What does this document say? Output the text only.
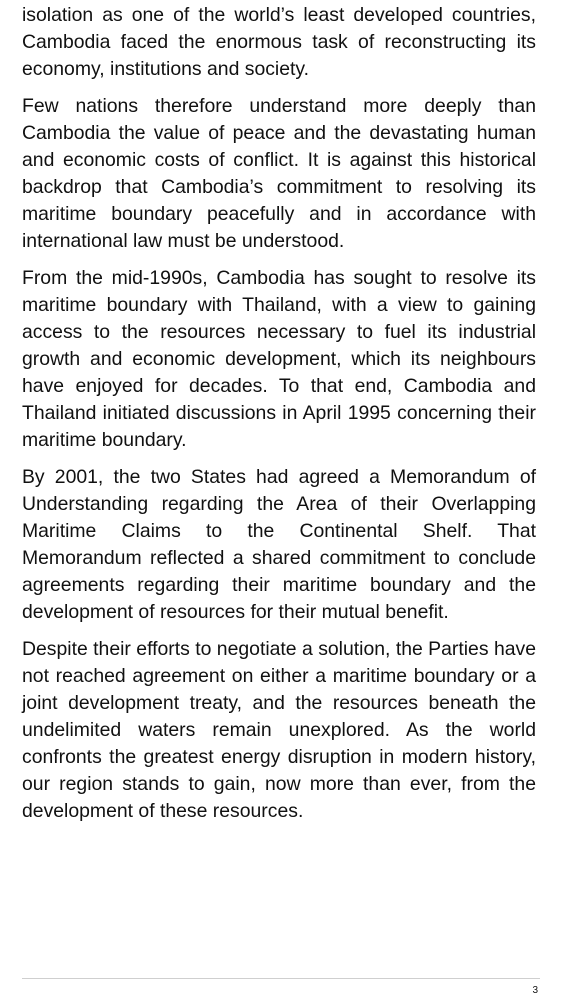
isolation as one of the world’s least developed countries, Cambodia faced the enormous task of reconstructing its economy, institutions and society.

Few nations therefore understand more deeply than Cambodia the value of peace and the devastating human and economic costs of conflict. It is against this historical backdrop that Cambodia’s commitment to resolving its maritime boundary peacefully and in accordance with international law must be understood.

From the mid-1990s, Cambodia has sought to resolve its maritime boundary with Thailand, with a view to gaining access to the resources necessary to fuel its industrial growth and economic development, which its neighbours have enjoyed for decades. To that end, Cambodia and Thailand initiated discussions in April 1995 concerning their maritime boundary.

By 2001, the two States had agreed a Memorandum of Understanding regarding the Area of their Overlapping Maritime Claims to the Continental Shelf. That Memorandum reflected a shared commitment to conclude agreements regarding their maritime boundary and the development of resources for their mutual benefit.

Despite their efforts to negotiate a solution, the Parties have not reached agreement on either a maritime boundary or a joint development treaty, and the resources beneath the undelimited waters remain unexplored. As the world confronts the greatest energy disruption in modern history, our region stands to gain, now more than ever, from the development of these resources.

3
